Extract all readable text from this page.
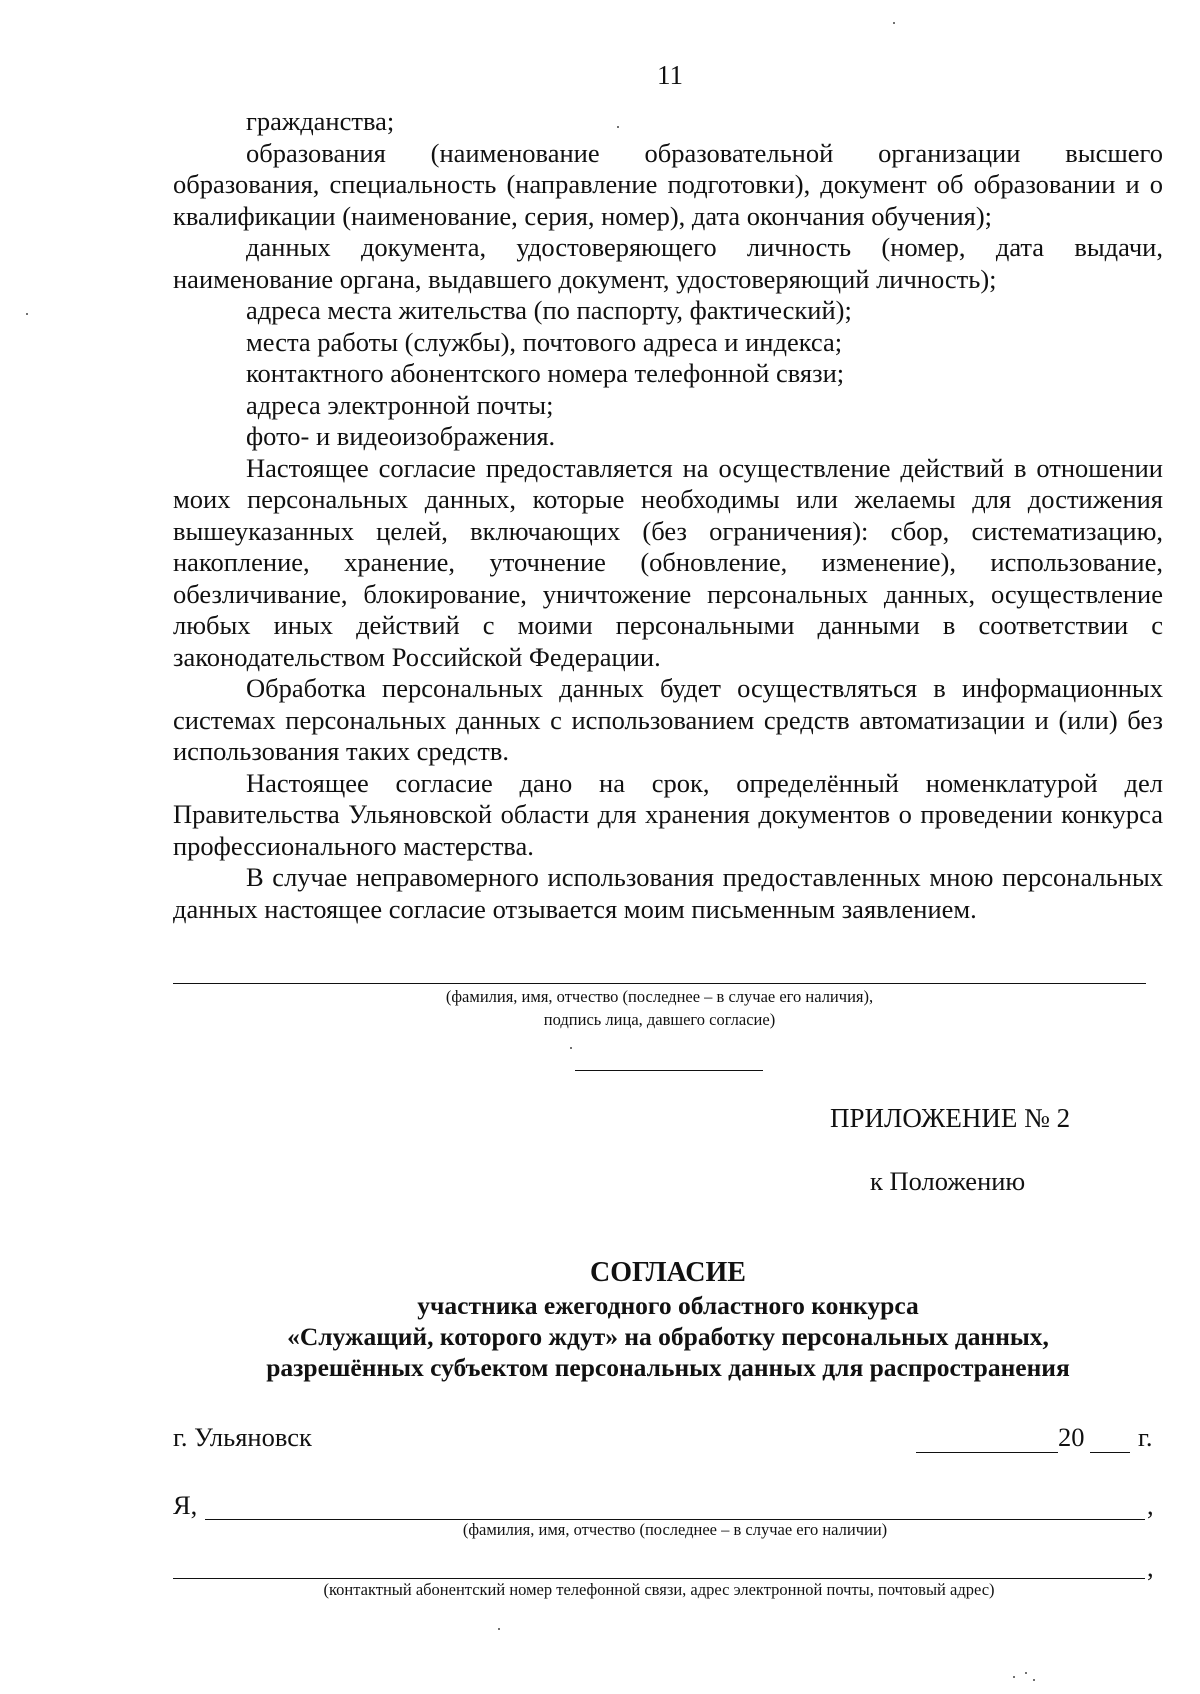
11

гражданства;

образования (наименование образовательной организации высшего образования, специальность (направление подготовки), документ об образовании и о квалификации (наименование, серия, номер), дата окончания обучения);

данных документа, удостоверяющего личность (номер, дата выдачи, наименование органа, выдавшего документ, удостоверяющий личность);

адреса места жительства (по паспорту, фактический);

места работы (службы), почтового адреса и индекса;

контактного абонентского номера телефонной связи;

адреса электронной почты;

фото- и видеоизображения.

Настоящее согласие предоставляется на осуществление действий в отношении моих персональных данных, которые необходимы или желаемы для достижения вышеуказанных целей, включающих (без ограничения): сбор, систематизацию, накопление, хранение, уточнение (обновление, изменение), использование, обезличивание, блокирование, уничтожение персональных данных, осуществление любых иных действий с моими персональными данными в соответствии с законодательством Российской Федерации.

Обработка персональных данных будет осуществляться в информационных системах персональных данных с использованием средств автоматизации и (или) без использования таких средств.

Настоящее согласие дано на срок, определённый номенклатурой дел Правительства Ульяновской области для хранения документов о проведении конкурса профессионального мастерства.

В случае неправомерного использования предоставленных мною персональных данных настоящее согласие отзывается моим письменным заявлением.

(фамилия, имя, отчество (последнее – в случае его наличия),
подпись лица, давшего согласие)
ПРИЛОЖЕНИЕ № 2
к Положению
СОГЛАСИЕ
участника ежегодного областного конкурса
«Служащий, которого ждут» на обработку персональных данных,
разрешённых субъектом персональных данных для распространения
г. Ульяновск	20 г.
Я,	,
(фамилия, имя, отчество (последнее – в случае его наличии)
,
(контактный абонентский номер телефонной связи, адрес электронной почты, почтовый адрес)
